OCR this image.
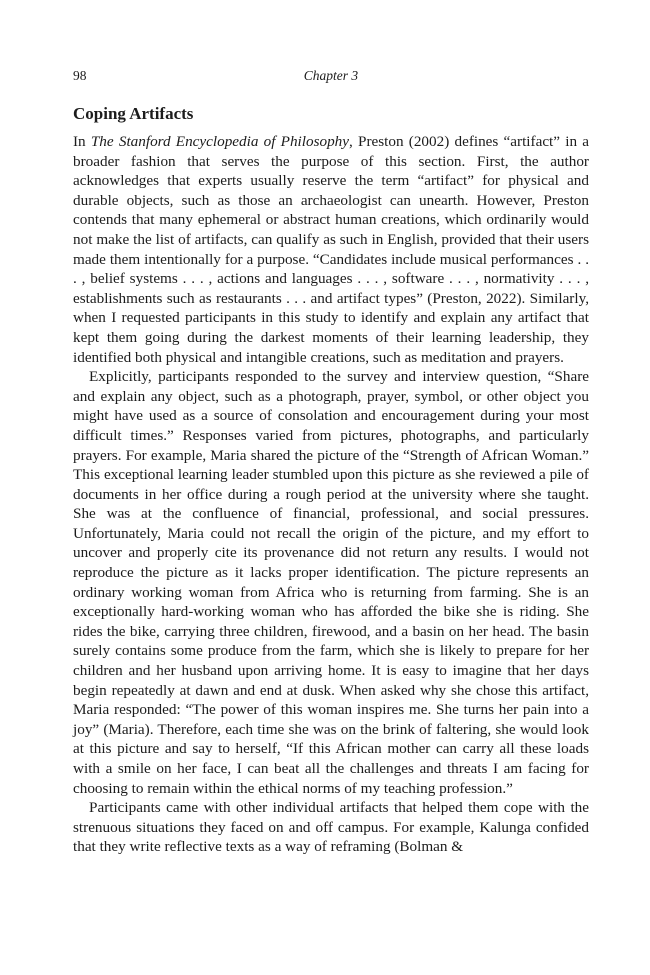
98	Chapter 3
Coping Artifacts

In The Stanford Encyclopedia of Philosophy, Preston (2002) defines “artifact” in a broader fashion that serves the purpose of this section. First, the author acknowledges that experts usually reserve the term “artifact” for physical and durable objects, such as those an archaeologist can unearth. However, Preston contends that many ephemeral or abstract human creations, which ordinarily would not make the list of artifacts, can qualify as such in English, provided that their users made them intentionally for a purpose. “Candidates include musical performances . . . , belief systems . . . , actions and languages . . . , software . . . , normativity . . . , establishments such as restaurants . . . and artifact types” (Preston, 2022). Similarly, when I requested participants in this study to identify and explain any artifact that kept them going during the darkest moments of their learning leadership, they identified both physical and intangible creations, such as meditation and prayers.

Explicitly, participants responded to the survey and interview question, “Share and explain any object, such as a photograph, prayer, symbol, or other object you might have used as a source of consolation and encouragement during your most difficult times.” Responses varied from pictures, photographs, and particularly prayers. For example, Maria shared the picture of the “Strength of African Woman.” This exceptional learning leader stumbled upon this picture as she reviewed a pile of documents in her office during a rough period at the university where she taught. She was at the confluence of financial, professional, and social pressures. Unfortunately, Maria could not recall the origin of the picture, and my effort to uncover and properly cite its provenance did not return any results. I would not reproduce the picture as it lacks proper identification. The picture represents an ordinary working woman from Africa who is returning from farming. She is an exceptionally hard-working woman who has afforded the bike she is riding. She rides the bike, carrying three children, firewood, and a basin on her head. The basin surely contains some produce from the farm, which she is likely to prepare for her children and her husband upon arriving home. It is easy to imagine that her days begin repeatedly at dawn and end at dusk. When asked why she chose this artifact, Maria responded: “The power of this woman inspires me. She turns her pain into a joy” (Maria). Therefore, each time she was on the brink of faltering, she would look at this picture and say to herself, “If this African mother can carry all these loads with a smile on her face, I can beat all the challenges and threats I am facing for choosing to remain within the ethical norms of my teaching profession.”

Participants came with other individual artifacts that helped them cope with the strenuous situations they faced on and off campus. For example, Kalunga confided that they write reflective texts as a way of reframing (Bolman &
